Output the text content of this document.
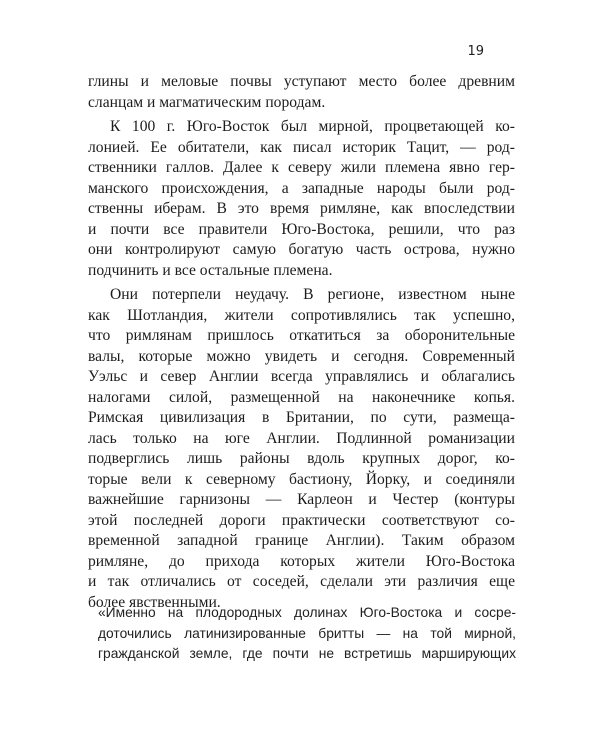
19

глины и меловые почвы уступают место более древним
сланцам и магматическим породам.

К 100 г. Юго-Восток был мирной, процветающей ко-
лонией. Ее обитатели, как писал историк Тацит, — род-
ственники галлов. Далее к северу жили племена явно гер-
манского происхождения, а западные народы были род-
ственны иберам. В это время римляне, как впоследствии
и почти все правители Юго-Востока, решили, что раз
они контролируют самую богатую часть острова, нужно
подчинить и все остальные племена.

Они потерпели неудачу. В регионе, известном ныне
как Шотландия, жители сопротивлялись так успешно,
что римлянам пришлось откатиться за оборонительные
валы, которые можно увидеть и сегодня. Современный
Уэльс и север Англии всегда управлялись и облагались
налогами силой, размещенной на наконечнике копья.
Римская цивилизация в Британии, по сути, размеща-
лась только на юге Англии. Подлинной романизации
подверглись лишь районы вдоль крупных дорог, ко-
торые вели к северному бастиону, Йорку, и соединяли
важнейшие гарнизоны — Карлеон и Честер (контуры
этой последней дороги практически соответствуют со-
временной западной границе Англии). Таким образом
римляне, до прихода которых жители Юго-Востока
и так отличались от соседей, сделали эти различия еще
более явственными.

«Именно на плодородных долинах Юго-Востока и сосре-
доточились латинизированные бритты — на той мирной,
гражданской земле, где почти не встретишь марширующих
